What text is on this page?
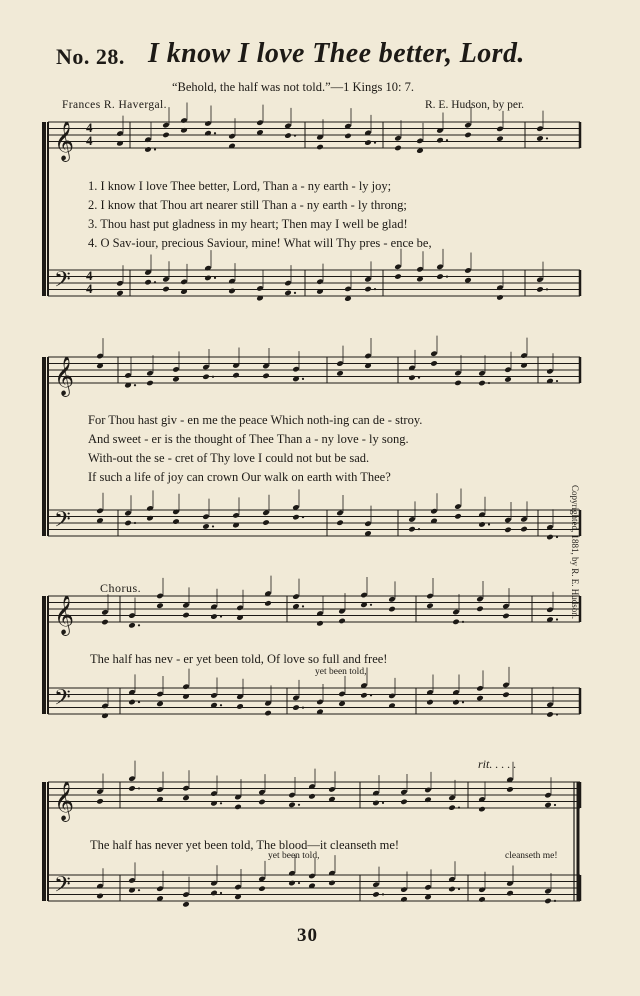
No. 28. I know I love Thee better, Lord.
“Behold, the half was not told.”—1 Kings 10: 7.
Frances R. Havergal.	R. E. Hudson, by per.
𝄞
𝄢
4
4
4
4
𝄞
𝄢
𝄞
𝄢
𝄞
𝄢
1. I know I love Thee better, Lord, Than a - ny earth - ly joy;
2. I know that Thou art nearer still Than a - ny earth - ly throng;
3. Thou hast put gladness in my heart; Then may I well be glad!
4. O Sav-iour, precious Saviour, mine! What will Thy pres - ence be,
For Thou hast giv - en me the peace Which noth-ing can de - stroy.
And sweet - er is the thought of Thee Than a - ny love - ly song.
With-out the se - cret of Thy love I could not but be sad.
If such a life of joy can crown Our walk on earth with Thee?
Chorus.
The half has nev - er yet been told, Of love so full and free!
yet been told,
rit. . . . .
The half has never yet been told, The blood—it cleanseth me!
yet been told,	cleanseth me!
30
Copyrighted, 1881, by R. E. Hudson.
